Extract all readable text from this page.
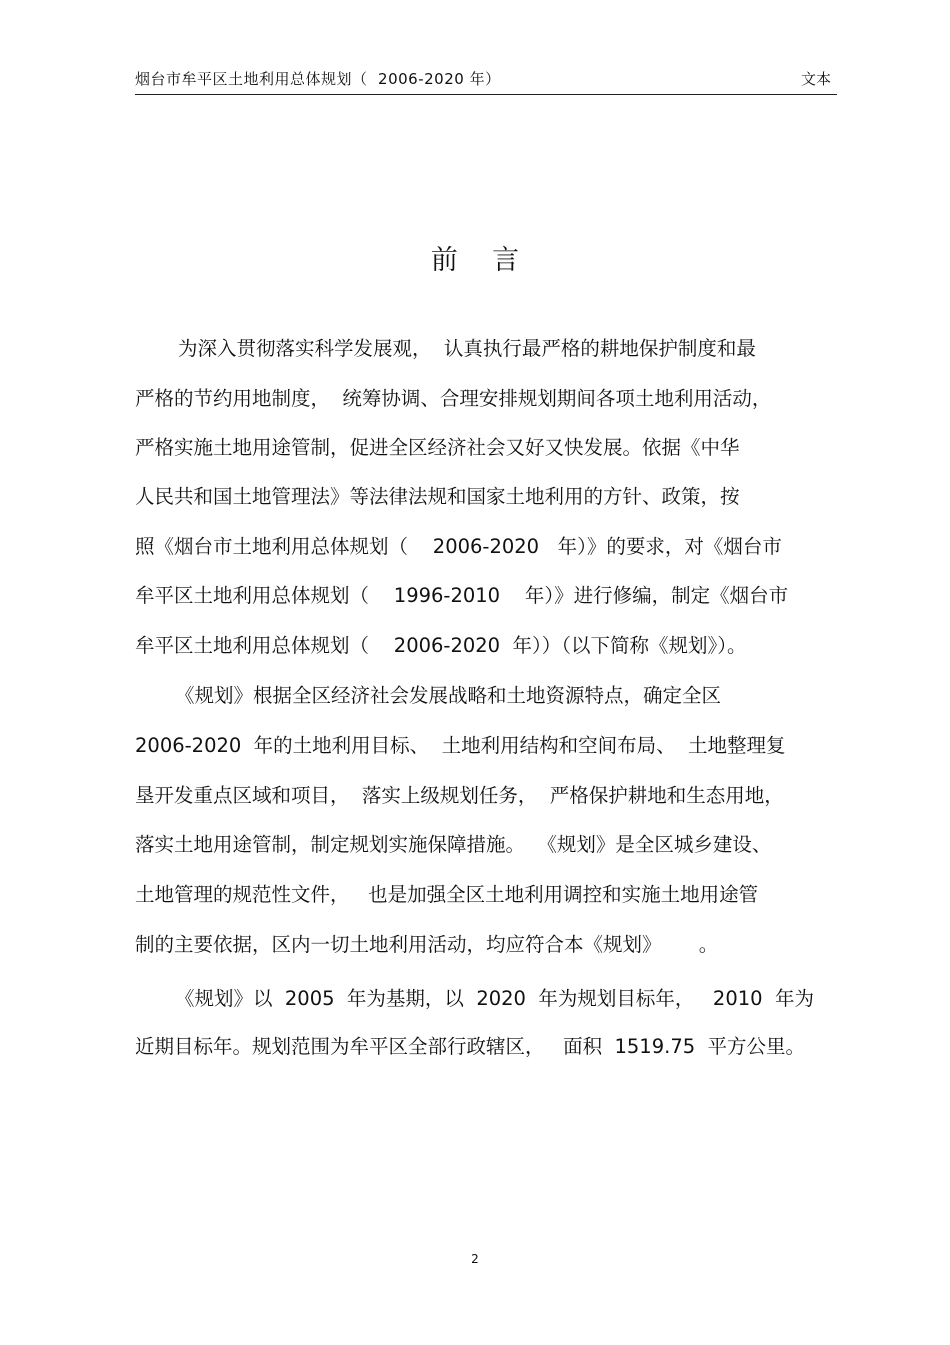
烟台市牟平区土地利用总体规划（  2006-2020 年）	文本
前    言
为深入贯彻落实科学发展观，  认真执行最严格的耕地保护制度和最
严格的节约用地制度，  统筹协调、合理安排规划期间各项土地利用活动，
严格实施土地用途管制，促进全区经济社会又好又快发展。依据《中华
人民共和国土地管理法》等法律法规和国家土地利用的方针、政策，按
照《烟台市土地利用总体规划（    2006-2020   年）》的要求，对《烟台市
牟平区土地利用总体规划（    1996-2010    年）》进行修编，制定《烟台市
牟平区土地利用总体规划（    2006-2020  年））（以下简称《规划》）。
《规划》根据全区经济社会发展战略和土地资源特点，确定全区
2006-2020  年的土地利用目标、  土地利用结构和空间布局、  土地整理复
垦开发重点区域和项目，  落实上级规划任务，  严格保护耕地和生态用地，
落实土地用途管制，制定规划实施保障措施。  《规划》是全区城乡建设、
土地管理的规范性文件，   也是加强全区土地利用调控和实施土地用途管
制的主要依据，区内一切土地利用活动，均应符合本《规划》      。
《规划》以  2005  年为基期，以  2020  年为规划目标年，   2010  年为
近期目标年。规划范围为牟平区全部行政辖区，   面积  1519.75  平方公里。
2
